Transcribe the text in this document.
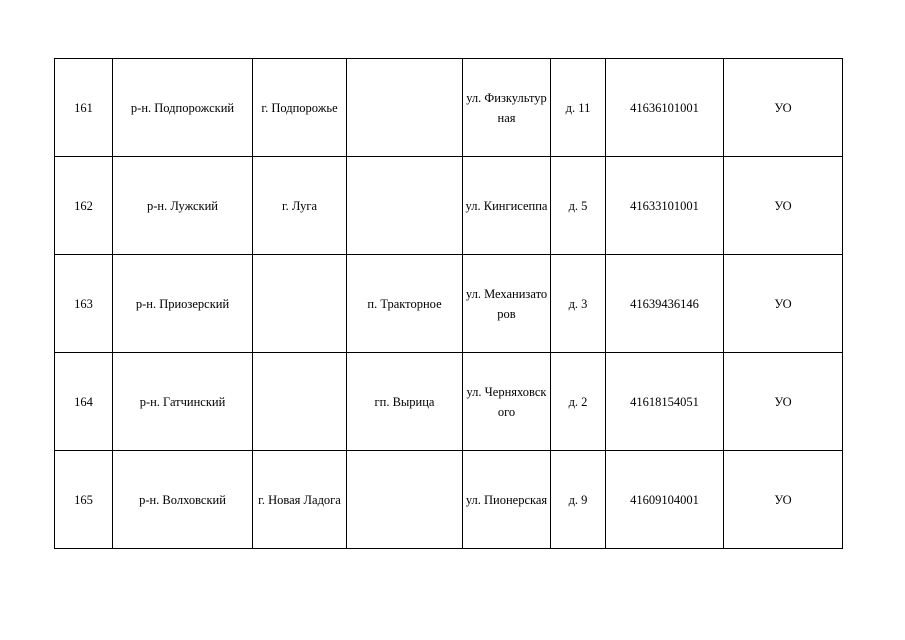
161	р-н. Подпорожский	г. Подпорожье		ул. Физкультурная	д. 11	41636101001	УО
162	р-н. Лужский	г. Луга		ул. Кингисеппа	д. 5	41633101001	УО
163	р-н. Приозерский		п. Тракторное	ул. Механизаторов	д. 3	41639436146	УО
164	р-н. Гатчинский		гп. Вырица	ул. Черняховского	д. 2	41618154051	УО
165	р-н. Волховский	г. Новая Ладога		ул. Пионерская	д. 9	41609104001	УО
